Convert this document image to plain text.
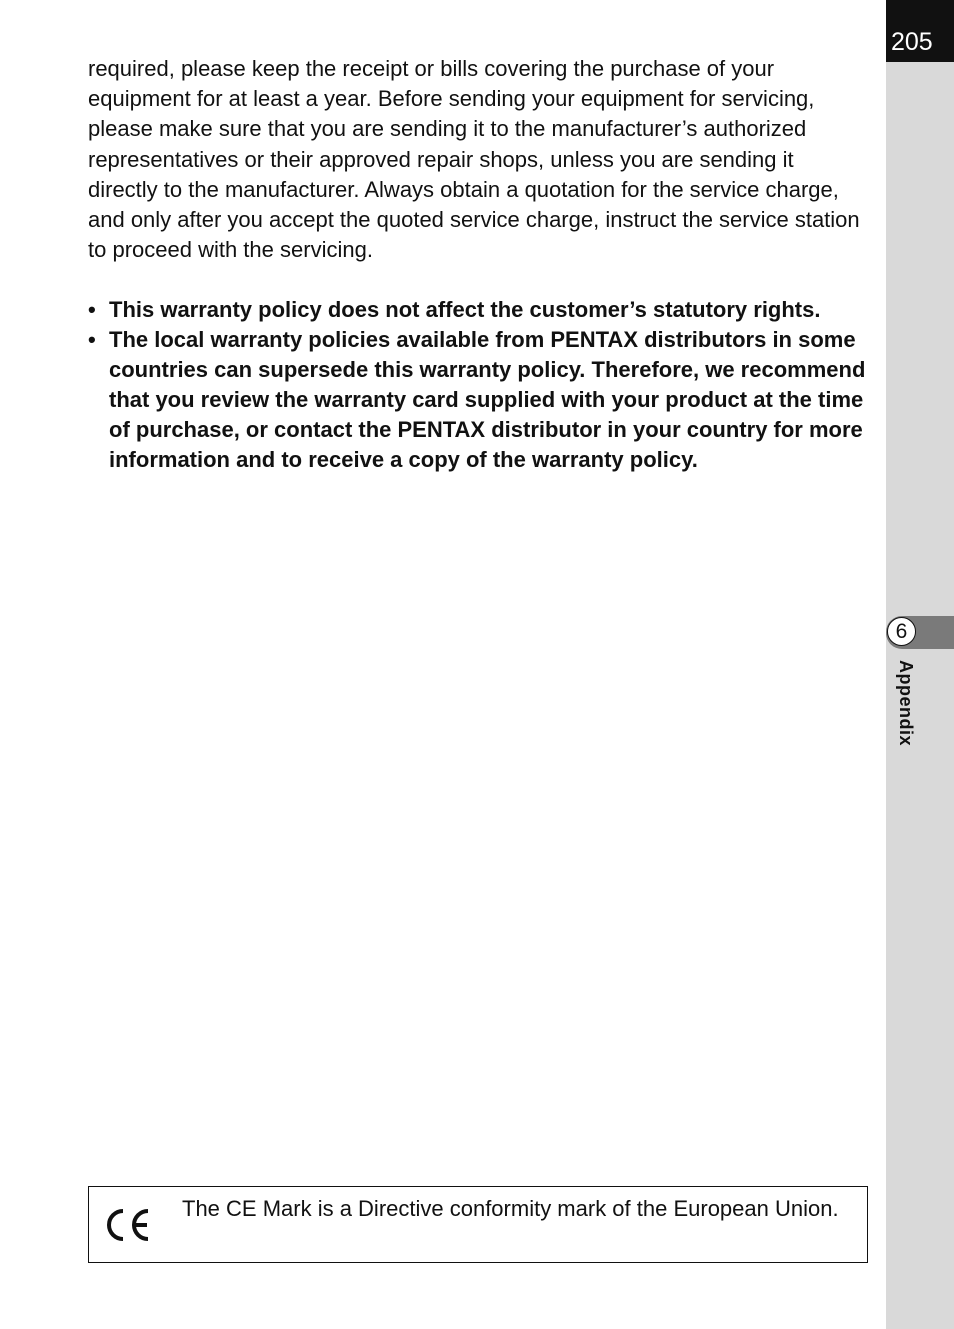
205
6
Appendix

required, please keep the receipt or bills covering the purchase of your equipment for at least a year. Before sending your equipment for servicing, please make sure that you are sending it to the manufacturer’s authorized representatives or their approved repair shops, unless you are sending it directly to the manufacturer. Always obtain a quotation for the service charge, and only after you accept the quoted service charge, instruct the service station to proceed with the servicing.

• This warranty policy does not affect the customer’s statutory rights.
• The local warranty policies available from PENTAX distributors in some countries can supersede this warranty policy. Therefore, we recommend that you review the warranty card supplied with your product at the time of purchase, or contact the PENTAX distributor in your country for more information and to receive a copy of the warranty policy.

The CE Mark is a Directive conformity mark of the European Union.
